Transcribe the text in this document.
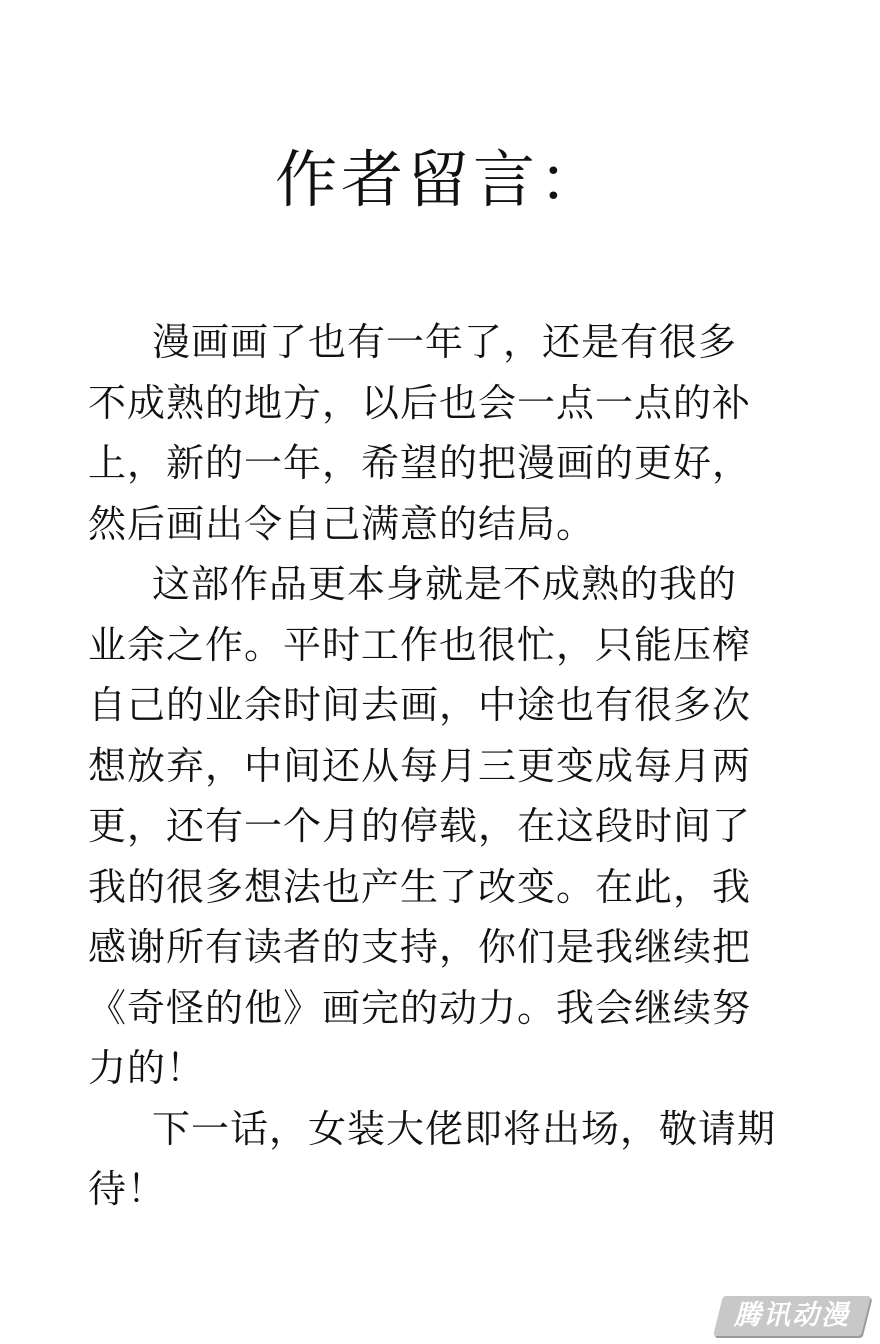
作者留言：
漫画画了也有一年了，还是有很多
不成熟的地方，以后也会一点一点的补
上，新的一年，希望的把漫画的更好，
然后画出令自己满意的结局。
这部作品更本身就是不成熟的我的
业余之作。平时工作也很忙，只能压榨
自己的业余时间去画，中途也有很多次
想放弃，中间还从每月三更变成每月两
更，还有一个月的停载，在这段时间了
我的很多想法也产生了改变。在此，我
感谢所有读者的支持，你们是我继续把
《奇怪的他》画完的动力。我会继续努
力的！
下一话，女装大佬即将出场，敬请期
待！
腾讯动漫
